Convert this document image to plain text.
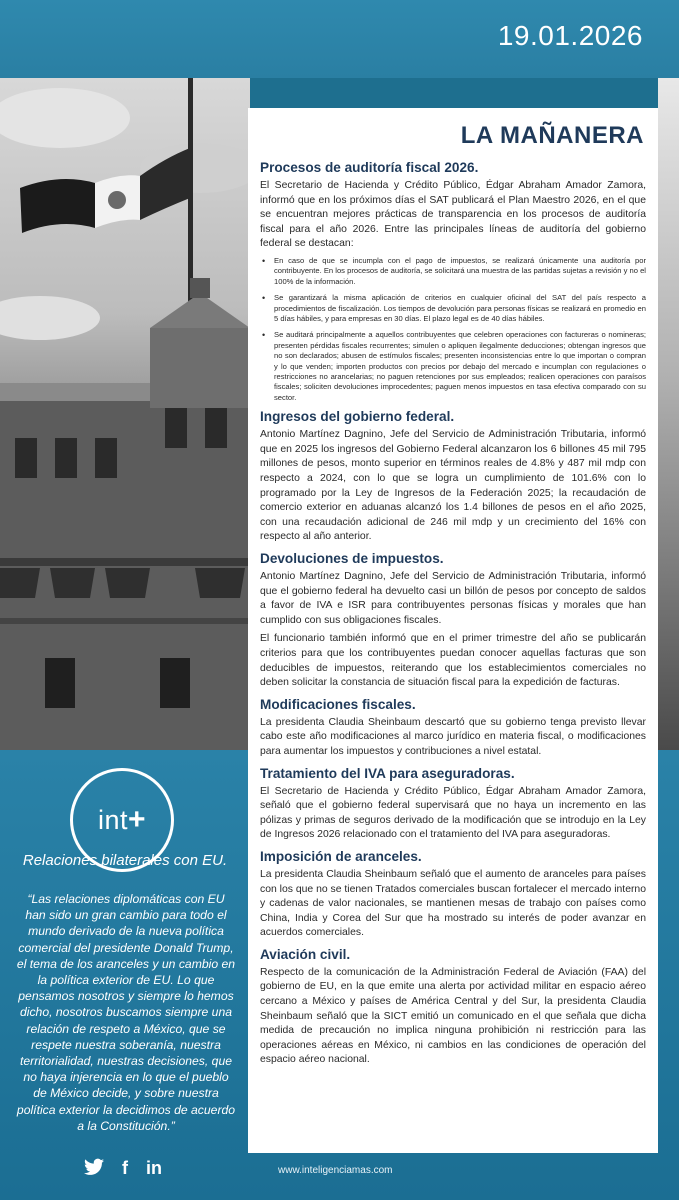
19.01.2026
int +
Relaciones bilaterales con EU.
“Las relaciones diplomáticas con EU han sido un gran cambio para todo el mundo derivado de la nueva política comercial del presidente Donald Trump, el tema de los aranceles y un cambio en la política exterior de EU. Lo que pensamos nosotros y siempre lo hemos dicho, nosotros buscamos siempre una relación de respeto a México, que se respete nuestra soberanía, nuestra territorialidad, nuestras decisiones, que no haya injerencia en lo que el pueblo de México decide, y sobre nuestra política exterior la decidimos de acuerdo a la Constitución.”
f in	www.inteligenciamas.com
LA MAÑANERA
Procesos de auditoría fiscal 2026.
El Secretario de Hacienda y Crédito Público, Édgar Abraham Amador Zamora, informó que en los próximos días el SAT publicará el Plan Maestro 2026, en el que se encuentran mejores prácticas de transparencia en los procesos de auditoría fiscal para el año 2026. Entre las principales líneas de auditoría del gobierno federal se destacan:
• En caso de que se incumpla con el pago de impuestos, se realizará únicamente una auditoría por contribuyente. En los procesos de auditoría, se solicitará una muestra de las partidas sujetas a revisión y no el 100% de la información.
• Se garantizará la misma aplicación de criterios en cualquier oficinal del SAT del país respecto a procedimientos de fiscalización. Los tiempos de devolución para personas físicas se realizará en promedio en 5 días hábiles, y para empresas en 30 días. El plazo legal es de 40 días hábiles.
• Se auditará principalmente a aquellos contribuyentes que celebren operaciones con factureras o nomineras; presenten pérdidas fiscales recurrentes; simulen o apliquen ilegalmente deducciones; obtengan ingresos que no son declarados; abusen de estímulos fiscales; presenten inconsistencias entre lo que importan o compran y lo que venden; importen productos con precios por debajo del mercado e incumplan con regulaciones o restricciones no arancelarias; no paguen retenciones por sus empleados; realicen operaciones con paraísos fiscales; soliciten devoluciones improcedentes; paguen menos impuestos en tasa efectiva comparado con su sector.
Ingresos del gobierno federal.
Antonio Martínez Dagnino, Jefe del Servicio de Administración Tributaria, informó que en 2025 los ingresos del Gobierno Federal alcanzaron los 6 billones 45 mil 795 millones de pesos, monto superior en términos reales de 4.8% y 487 mil mdp con respecto a 2024, con lo que se logra un cumplimiento de 101.6% con lo programado por la Ley de Ingresos de la Federación 2025; la recaudación de comercio exterior en aduanas alcanzó los 1.4 billones de pesos en el año 2025, con una recaudación adicional de 246 mil mdp y un crecimiento del 16% con respecto al año anterior.
Devoluciones de impuestos.
Antonio Martínez Dagnino, Jefe del Servicio de Administración Tributaria, informó que el gobierno federal ha devuelto casi un billón de pesos por concepto de saldos a favor de IVA e ISR para contribuyentes personas físicas y morales que han cumplido con sus obligaciones fiscales.
El funcionario también informó que en el primer trimestre del año se publicarán criterios para que los contribuyentes puedan conocer aquellas facturas que son deducibles de impuestos, reiterando que los establecimientos comerciales no deben solicitar la constancia de situación fiscal para la expedición de facturas.
Modificaciones fiscales.
La presidenta Claudia Sheinbaum descartó que su gobierno tenga previsto llevar cabo este año modificaciones al marco jurídico en materia fiscal, o modificaciones para aumentar los impuestos y contribuciones a nivel estatal.
Tratamiento del IVA para aseguradoras.
El Secretario de Hacienda y Crédito Público, Édgar Abraham Amador Zamora, señaló que el gobierno federal supervisará que no haya un incremento en las pólizas y primas de seguros derivado de la modificación que se introdujo en la Ley de Ingresos 2026 relacionado con el tratamiento del IVA para aseguradoras.
Imposición de aranceles.
La presidenta Claudia Sheinbaum señaló que el aumento de aranceles para países con los que no se tienen Tratados comerciales buscan fortalecer el mercado interno y cadenas de valor nacionales, se mantienen mesas de trabajo con países como China, India y Corea del Sur que ha mostrado su interés de poder avanzar en acuerdos comerciales.
Aviación civil.
Respecto de la comunicación de la Administración Federal de Aviación (FAA) del gobierno de EU, en la que emite una alerta por actividad militar en espacio aéreo cercano a México y países de América Central y del Sur, la presidenta Claudia Sheinbaum señaló que la SICT emitió un comunicado en el que señala que dicha medida de precaución no implica ninguna prohibición ni restricción para las operaciones aéreas en México, ni cambios en las condiciones de operación del espacio aéreo nacional.
